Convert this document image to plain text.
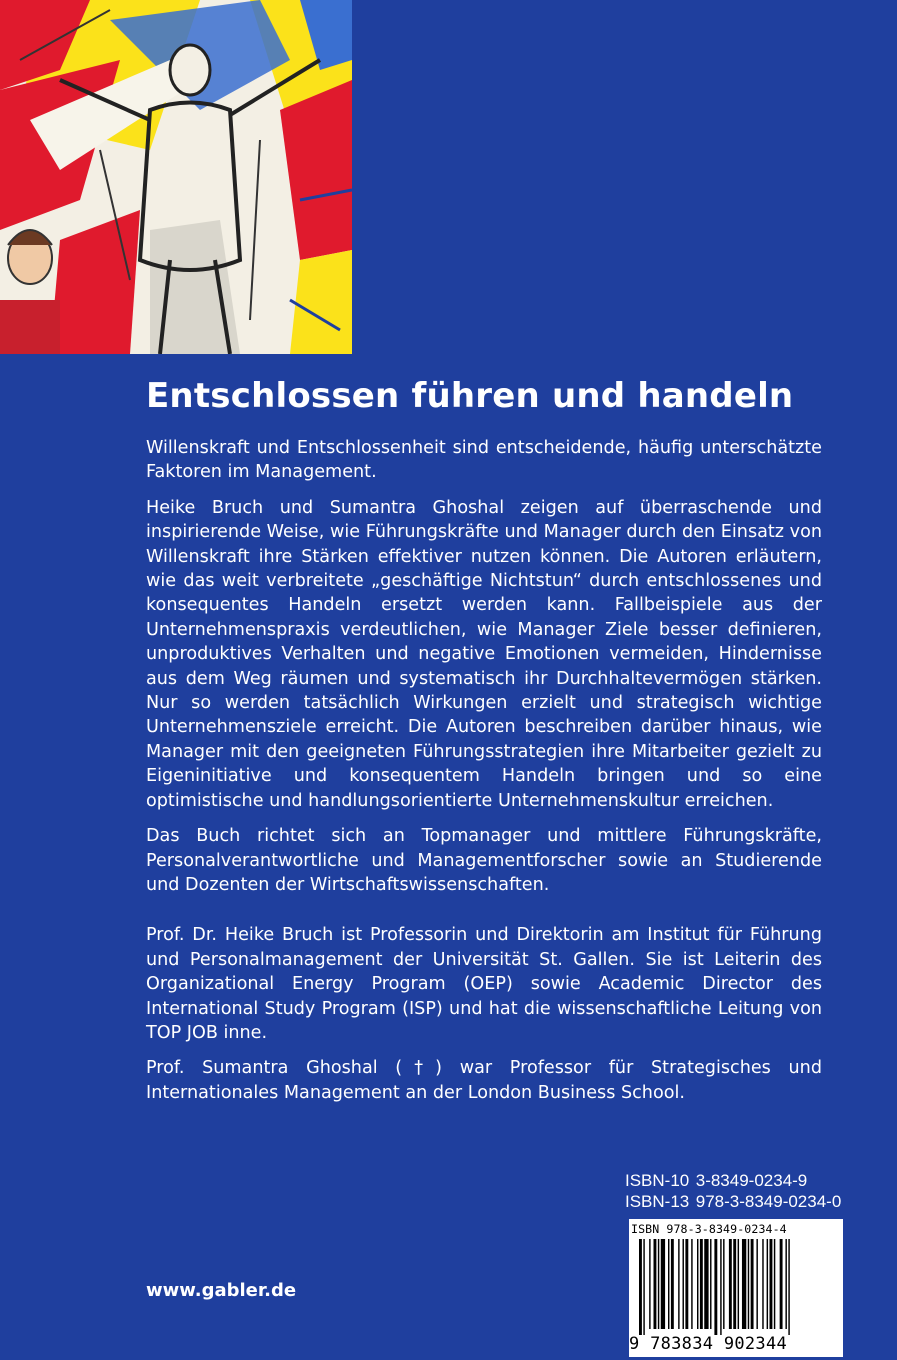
Entschlossen führen und handeln

Willenskraft und Entschlossenheit sind entscheidende, häufig unterschätzte Faktoren im Management.

Heike Bruch und Sumantra Ghoshal zeigen auf überraschende und inspirierende Weise, wie Führungskräfte und Manager durch den Einsatz von Willenskraft ihre Stärken effektiver nutzen können. Die Autoren erläutern, wie das weit verbreitete „geschäftige Nichtstun“ durch entschlossenes und konsequentes Handeln ersetzt werden kann. Fallbeispiele aus der Unternehmenspraxis verdeutlichen, wie Manager Ziele besser definieren, unproduktives Verhalten und negative Emotionen vermeiden, Hindernisse aus dem Weg räumen und systematisch ihr Durchhaltevermögen stärken. Nur so werden tatsächlich Wirkungen erzielt und strategisch wichtige Unternehmensziele erreicht. Die Autoren beschreiben darüber hinaus, wie Manager mit den geeigneten Führungsstrategien ihre Mitarbeiter gezielt zu Eigeninitiative und konsequentem Handeln bringen und so eine optimistische und handlungsorientierte Unternehmenskultur erreichen.

Das Buch richtet sich an Topmanager und mittlere Führungskräfte, Personalverantwortliche und Managementforscher sowie an Studierende und Dozenten der Wirtschaftswissenschaften.

Prof. Dr. Heike Bruch ist Professorin und Direktorin am Institut für Führung und Personalmanagement der Universität St. Gallen. Sie ist Leiterin des Organizational Energy Program (OEP) sowie Academic Director des International Study Program (ISP) und hat die wissenschaftliche Leitung von TOP JOB inne.

Prof. Sumantra Ghoshal (†) war Professor für Strategisches und Internationales Management an der London Business School.

ISBN-10 3-8349-0234-9
ISBN-13 978-3-8349-0234-0
ISBN 978-3-8349-0234-4
9 783834 902344
www.gabler.de
